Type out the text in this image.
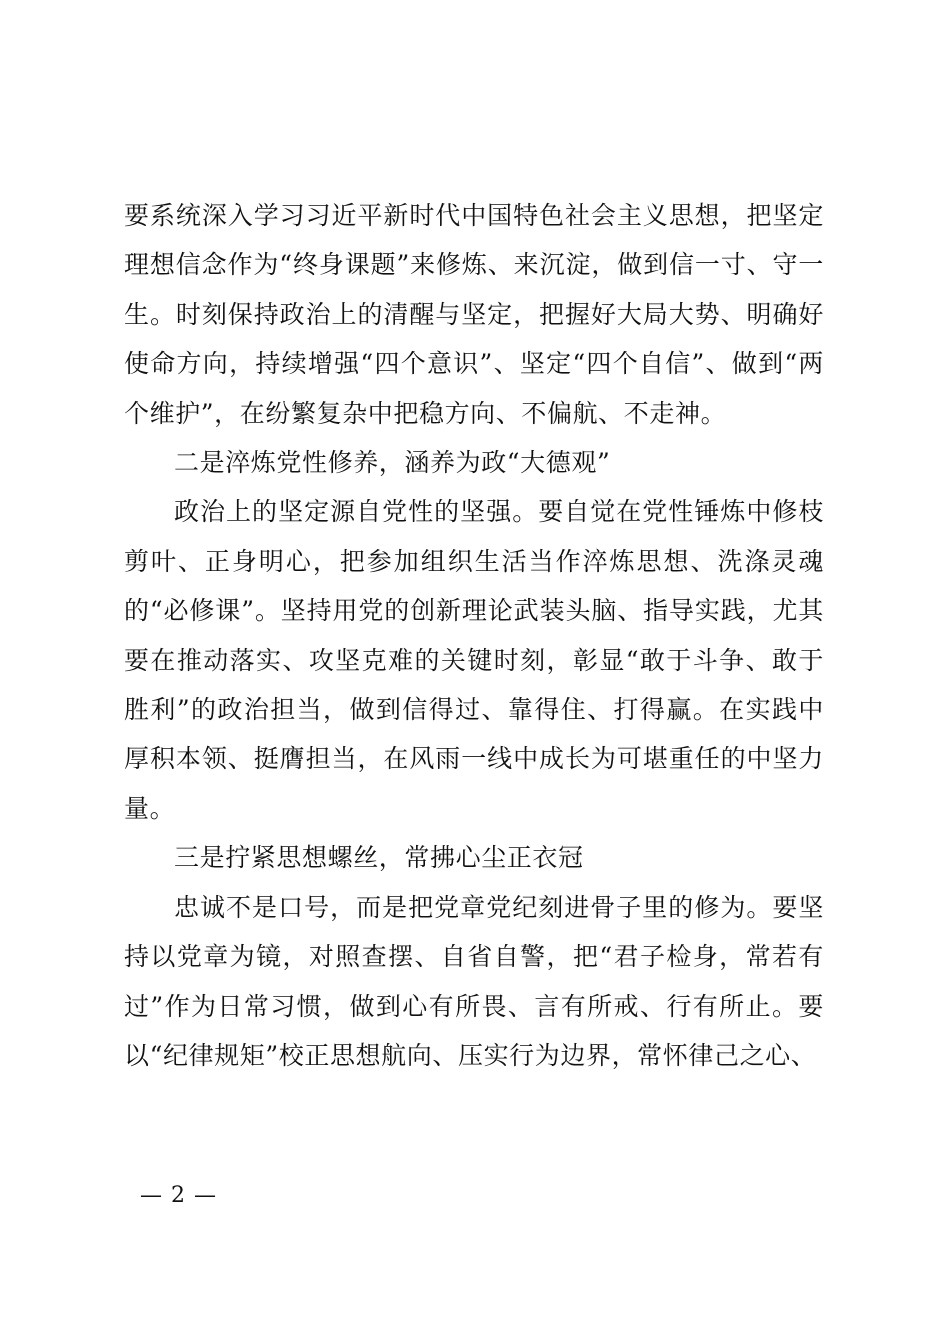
要系统深入学习习近平新时代中国特色社会主义思想，把坚定理想信念作为“终身课题”来修炼、来沉淀，做到信一寸、守一生。时刻保持政治上的清醒与坚定，把握好大局大势、明确好使命方向，持续增强“四个意识”、坚定“四个自信”、做到“两个维护”，在纷繁复杂中把稳方向、不偏航、不走神。

二是淬炼党性修养，涵养为政“大德观”

政治上的坚定源自党性的坚强。要自觉在党性锤炼中修枝剪叶、正身明心，把参加组织生活当作淬炼思想、洗涤灵魂的“必修课”。坚持用党的创新理论武装头脑、指导实践，尤其要在推动落实、攻坚克难的关键时刻，彰显“敢于斗争、敢于胜利”的政治担当，做到信得过、靠得住、打得赢。在实践中厚积本领、挺膺担当，在风雨一线中成长为可堪重任的中坚力量。

三是拧紧思想螺丝，常拂心尘正衣冠

忠诚不是口号，而是把党章党纪刻进骨子里的修为。要坚持以党章为镜，对照查摆、自省自警，把“君子检身，常若有过”作为日常习惯，做到心有所畏、言有所戒、行有所止。要以“纪律规矩”校正思想航向、压实行为边界，常怀律己之心、

— 2 —
